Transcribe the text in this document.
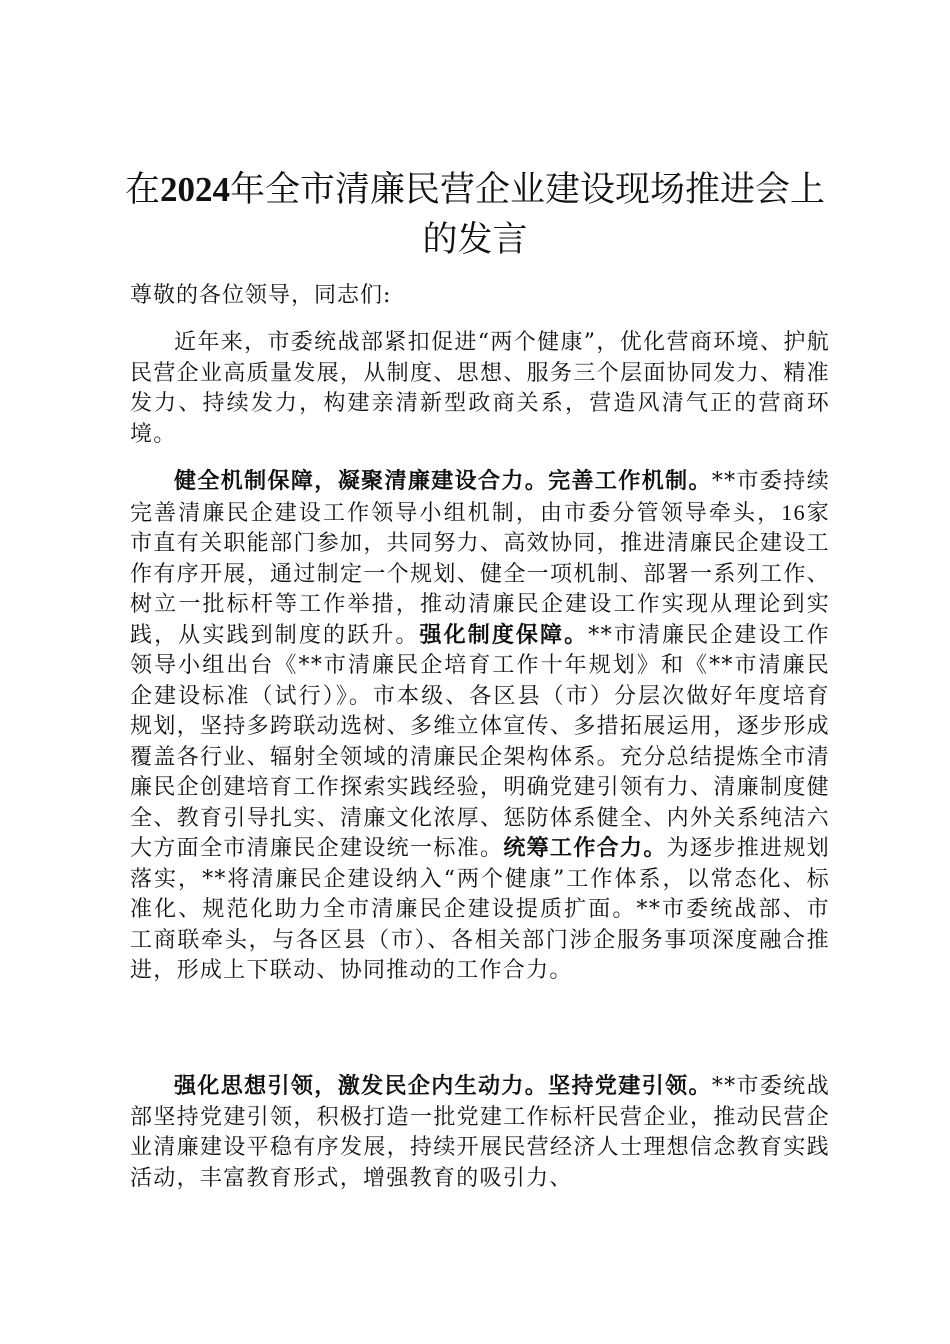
在2024年全市清廉民营企业建设现场推进会上的发言

尊敬的各位领导，同志们:

近年来，市委统战部紧扣促进“两个健康”，优化营商环境、护航民营企业高质量发展，从制度、思想、服务三个层面协同发力、精准发力、持续发力，构建亲清新型政商关系，营造风清气正的营商环境。

健全机制保障，凝聚清廉建设合力。完善工作机制。**市委持续完善清廉民企建设工作领导小组机制，由市委分管领导牵头，16家市直有关职能部门参加，共同努力、高效协同，推进清廉民企建设工作有序开展，通过制定一个规划、健全一项机制、部署一系列工作、树立一批标杆等工作举措，推动清廉民企建设工作实现从理论到实践，从实践到制度的跃升。强化制度保障。**市清廉民企建设工作领导小组出台《**市清廉民企培育工作十年规划》和《**市清廉民企建设标准（试行）》。市本级、各区县（市）分层次做好年度培育规划，坚持多跨联动选树、多维立体宣传、多措拓展运用，逐步形成覆盖各行业、辐射全领域的清廉民企架构体系。充分总结提炼全市清廉民企创建培育工作探索实践经验，明确党建引领有力、清廉制度健全、教育引导扎实、清廉文化浓厚、惩防体系健全、内外关系纯洁六大方面全市清廉民企建设统一标准。统筹工作合力。为逐步推进规划落实，**将清廉民企建设纳入“两个健康”工作体系，以常态化、标准化、规范化助力全市清廉民企建设提质扩面。**市委统战部、市工商联牵头，与各区县（市）、各相关部门涉企服务事项深度融合推进，形成上下联动、协同推动的工作合力。

强化思想引领，激发民企内生动力。坚持党建引领。**市委统战部坚持党建引领，积极打造一批党建工作标杆民营企业，推动民营企业清廉建设平稳有序发展，持续开展民营经济人士理想信念教育实践活动，丰富教育形式，增强教育的吸引力、
